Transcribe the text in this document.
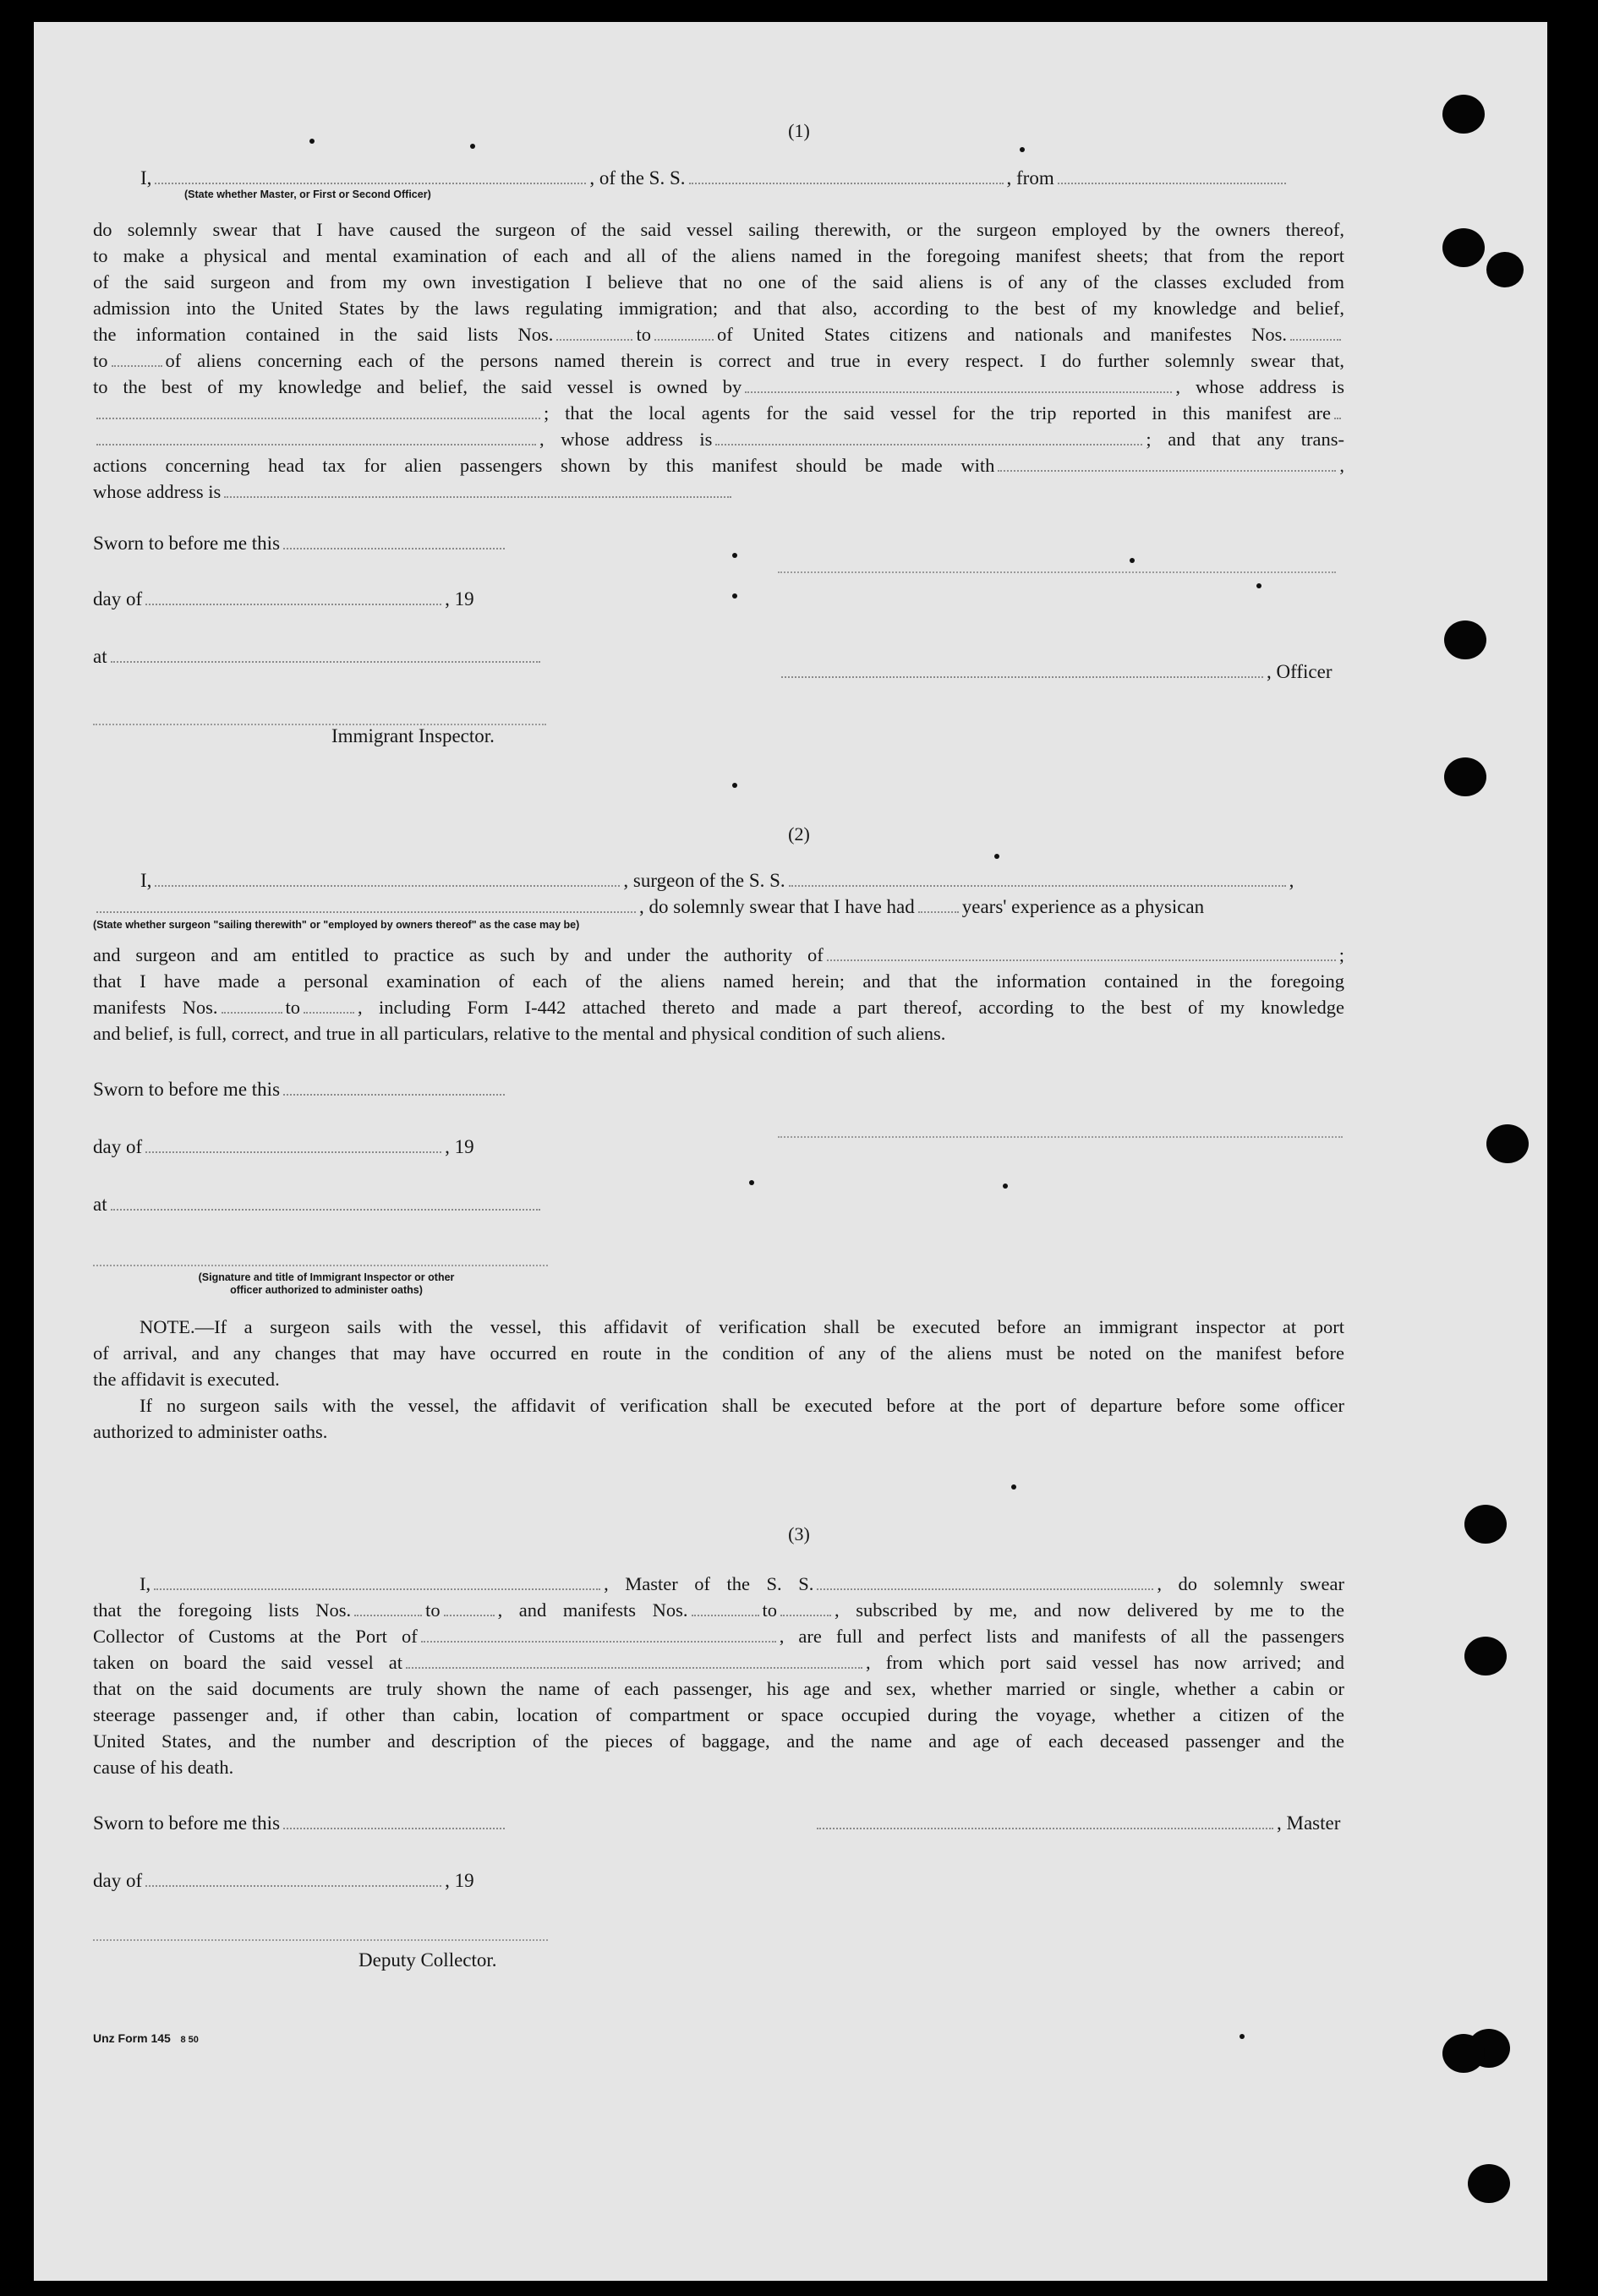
(1)
I,	, of the S. S.	, from
(State whether Master, or First or Second Officer)

do solemnly swear that I have caused the surgeon of the said vessel sailing therewith, or the surgeon employed by the owners thereof,

to make a physical and mental examination of each and all of the aliens named in the foregoing manifest sheets; that from the report

of the said surgeon and from my own investigation I believe that no one of the said aliens is of any of the classes excluded from

admission into the United States by the laws regulating immigration; and that also, according to the best of my knowledge and belief,

the information contained in the said lists Nos.	to	of United States citizens and nationals and manifestes Nos.

to	of aliens concerning each of the persons named therein is correct and true in every respect. I do further solemnly swear that,

to the best of my knowledge and belief, the said vessel is owned by	, whose address is

; that the local agents for the said vessel for the trip reported in this manifest are

, whose address is	; and that any trans-

actions concerning head tax for alien passengers shown by this manifest should be made with	,

whose address is

Sworn to before me this
day of	, 19
at
, Officer
Immigrant Inspector.
(2)
I,	, surgeon of the S. S.	,
, do solemnly swear that I have had years' experience as a physican
(State whether surgeon "sailing therewith" or "employed by owners thereof" as the case may be)

and surgeon and am entitled to practice as such by and under the authority of	;

that I have made a personal examination of each of the aliens named herein; and that the information contained in the foregoing

manifests Nos.	to	, including Form I-442 attached thereto and made a part thereof, according to the best of my knowledge

and belief, is full, correct, and true in all particulars, relative to the mental and physical condition of such aliens.

Sworn to before me this
day of	, 19
at
(Signature and title of Immigrant Inspector or other
officer authorized to administer oaths)

NOTE.—If a surgeon sails with the vessel, this affidavit of verification shall be executed before an immigrant inspector at port

of arrival, and any changes that may have occurred en route in the condition of any of the aliens must be noted on the manifest before

the affidavit is executed.

If no surgeon sails with the vessel, the affidavit of verification shall be executed before at the port of departure before some officer

authorized to administer oaths.

(3)

I,	, Master of the S. S.	, do solemnly swear

that the foregoing lists Nos.	to	, and manifests Nos.	to	, subscribed by me, and now delivered by me to the

Collector of Customs at the Port of	, are full and perfect lists and manifests of all the passengers

taken on board the said vessel at	, from which port said vessel has now arrived; and

that on the said documents are truly shown the name of each passenger, his age and sex, whether married or single, whether a cabin or

steerage passenger and, if other than cabin, location of compartment or space occupied during the voyage, whether a citizen of the

United States, and the number and description of the pieces of baggage, and the name and age of each deceased passenger and the

cause of his death.

Sworn to before me this	, Master
day of	, 19
Deputy Collector.
Unz Form 145 8 50
